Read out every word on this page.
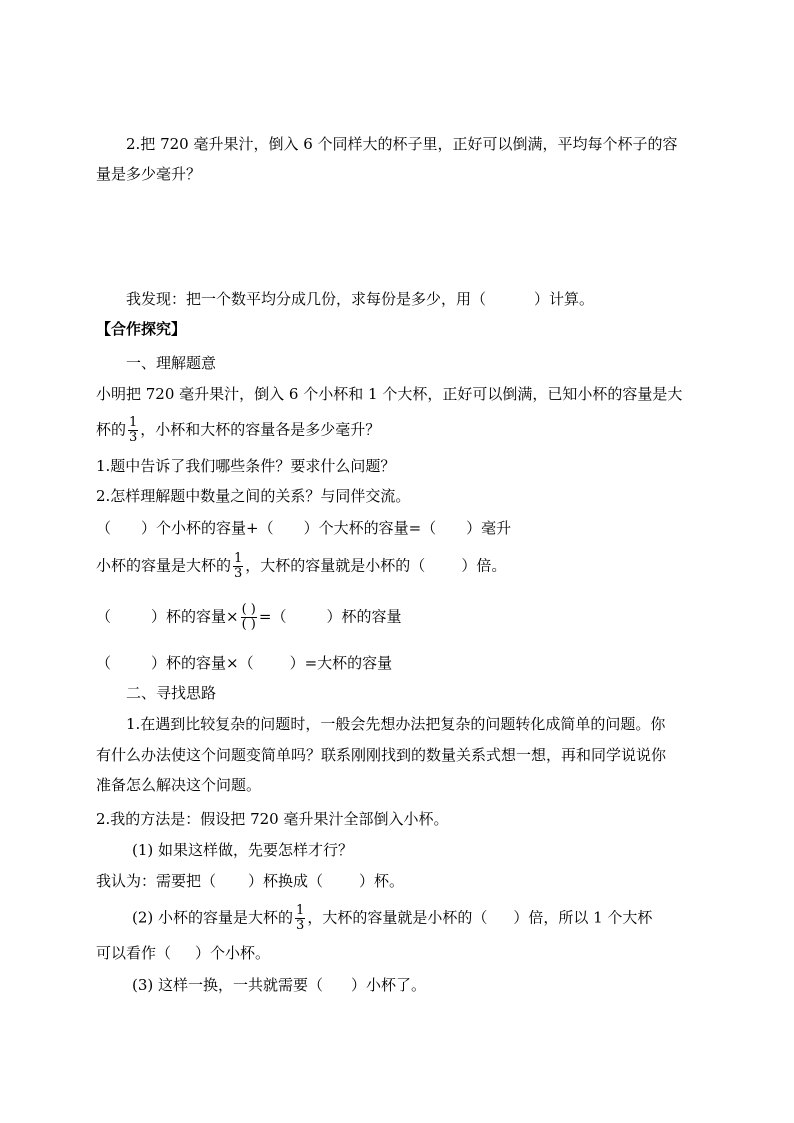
2.把 720 毫升果汁，倒入 6 个同样大的杯子里，正好可以倒满，平均每个杯子的容
量是多少毫升？
我发现：把一个数平均分成几份，求每份是多少，用（	）计算。
【合作探究】
一、理解题意
小明把 720 毫升果汁，倒入 6 个小杯和 1 个大杯，正好可以倒满，已知小杯的容量是大
杯的 $\frac{1}{3}$ ，小杯和大杯的容量各是多少毫升？
1.题中告诉了我们哪些条件？要求什么问题？
2.怎样理解题中数量之间的关系？与同伴交流。
（ ）个小杯的容量+（ ）个大杯的容量=（ ）毫升
小杯的容量是大杯的 $\frac{1}{3}$ ，大杯的容量就是小杯的（ ）倍。
（	）杯的容量× $\frac{( )}{( )}$ =（	）杯的容量
（	）杯的容量×（ ）=大杯的容量
二、寻找思路
1.在遇到比较复杂的问题时，一般会先想办法把复杂的问题转化成简单的问题。你
有什么办法使这个问题变简单吗？联系刚刚找到的数量关系式想一想，再和同学说说你
准备怎么解决这个问题。
2.我的方法是：假设把 720 毫升果汁全部倒入小杯。
(1) 如果这样做，先要怎样才行？
我认为：需要把（ ）杯换成（ ）杯。
(2) 小杯的容量是大杯的 $\frac{1}{3}$ ，大杯的容量就是小杯的（ ）倍，所以 1 个大杯
可以看作（ ）个小杯。
(3) 这样一换，一共就需要（ ）小杯了。
